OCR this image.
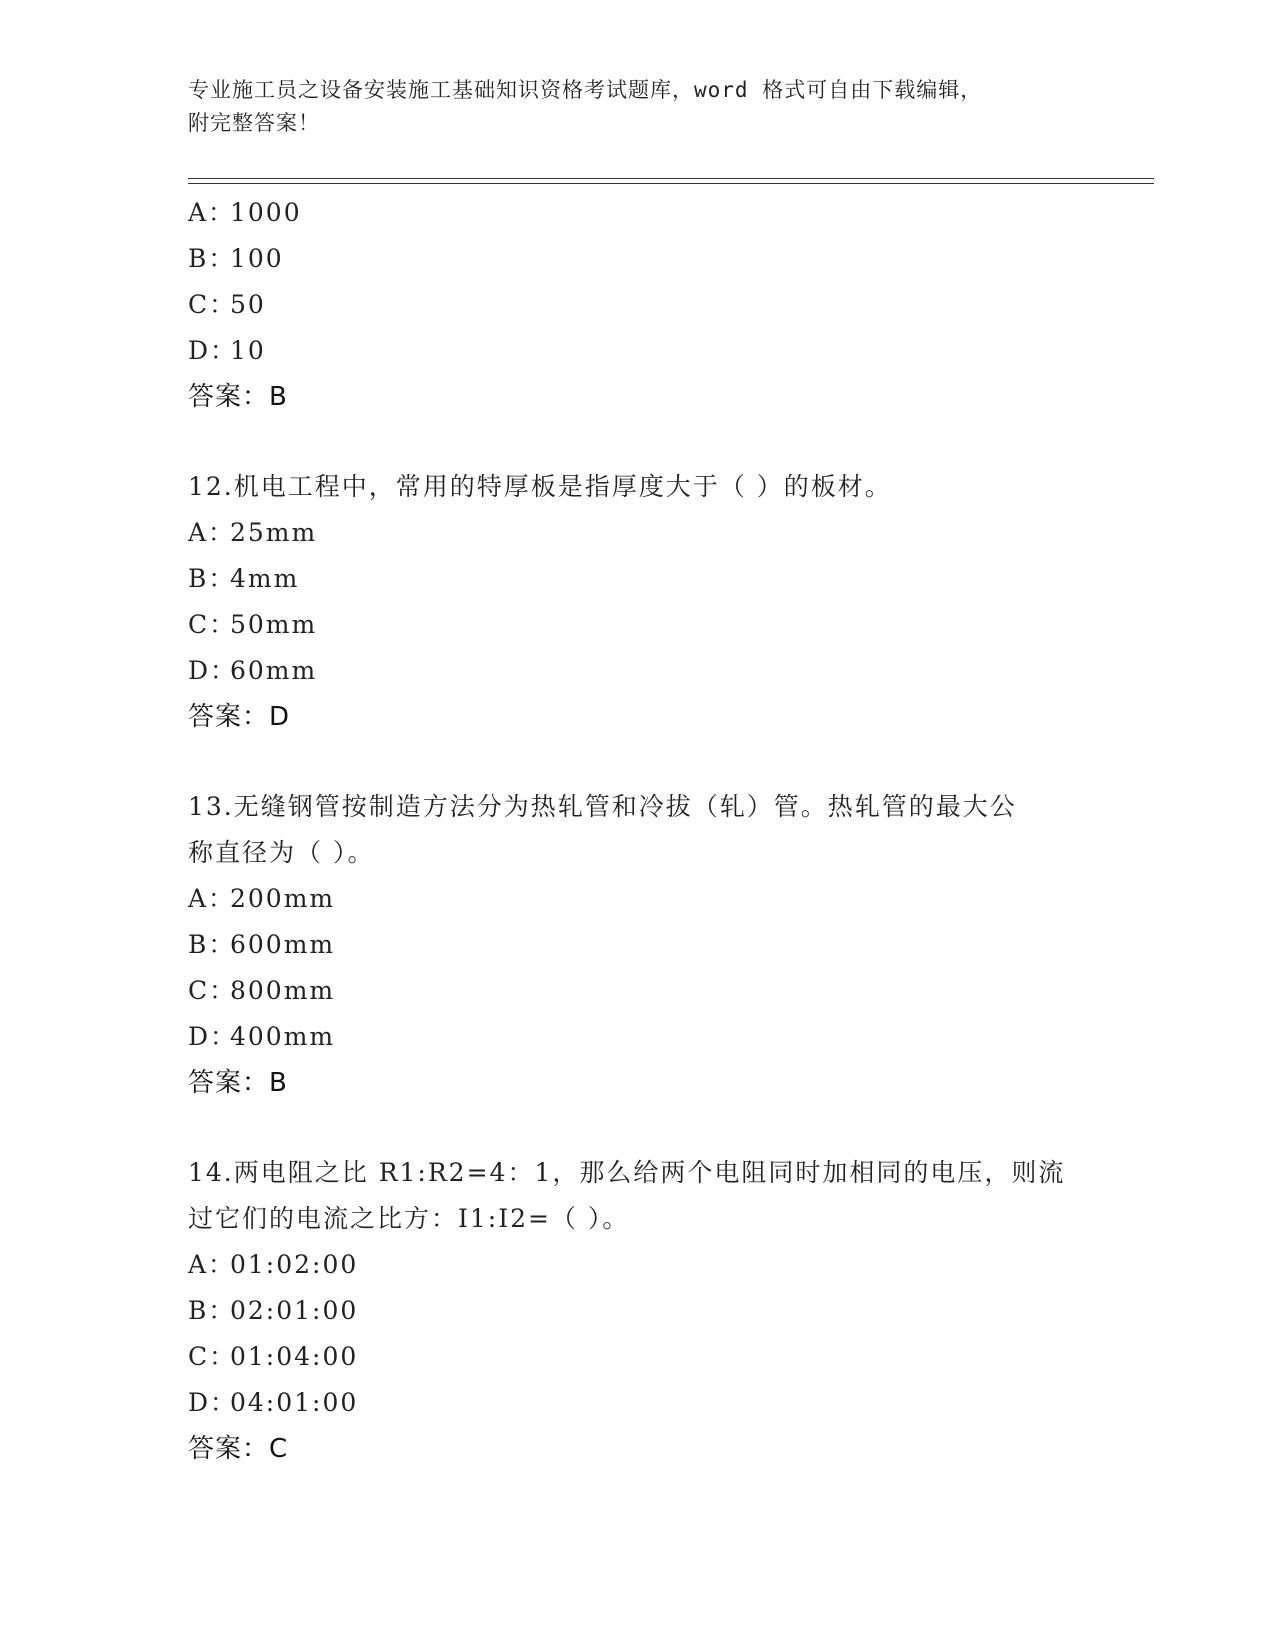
专业施工员之设备安装施工基础知识资格考试题库，word 格式可自由下载编辑，
附完整答案！
A：1000
B：100
C：50
D：10
答案：B
12.机电工程中，常用的特厚板是指厚度大于（ ）的板材。
A：25mm
B：4mm
C：50mm
D：60mm
答案：D
13.无缝钢管按制造方法分为热轧管和冷拔（轧）管。热轧管的最大公
称直径为（ ）。
A：200mm
B：600mm
C：800mm
D：400mm
答案：B
14.两电阻之比 R1:R2=4：1，那么给两个电阻同时加相同的电压，则流
过它们的电流之比方：I1:I2=（ ）。
A：01:02:00
B：02:01:00
C：01:04:00
D：04:01:00
答案：C
